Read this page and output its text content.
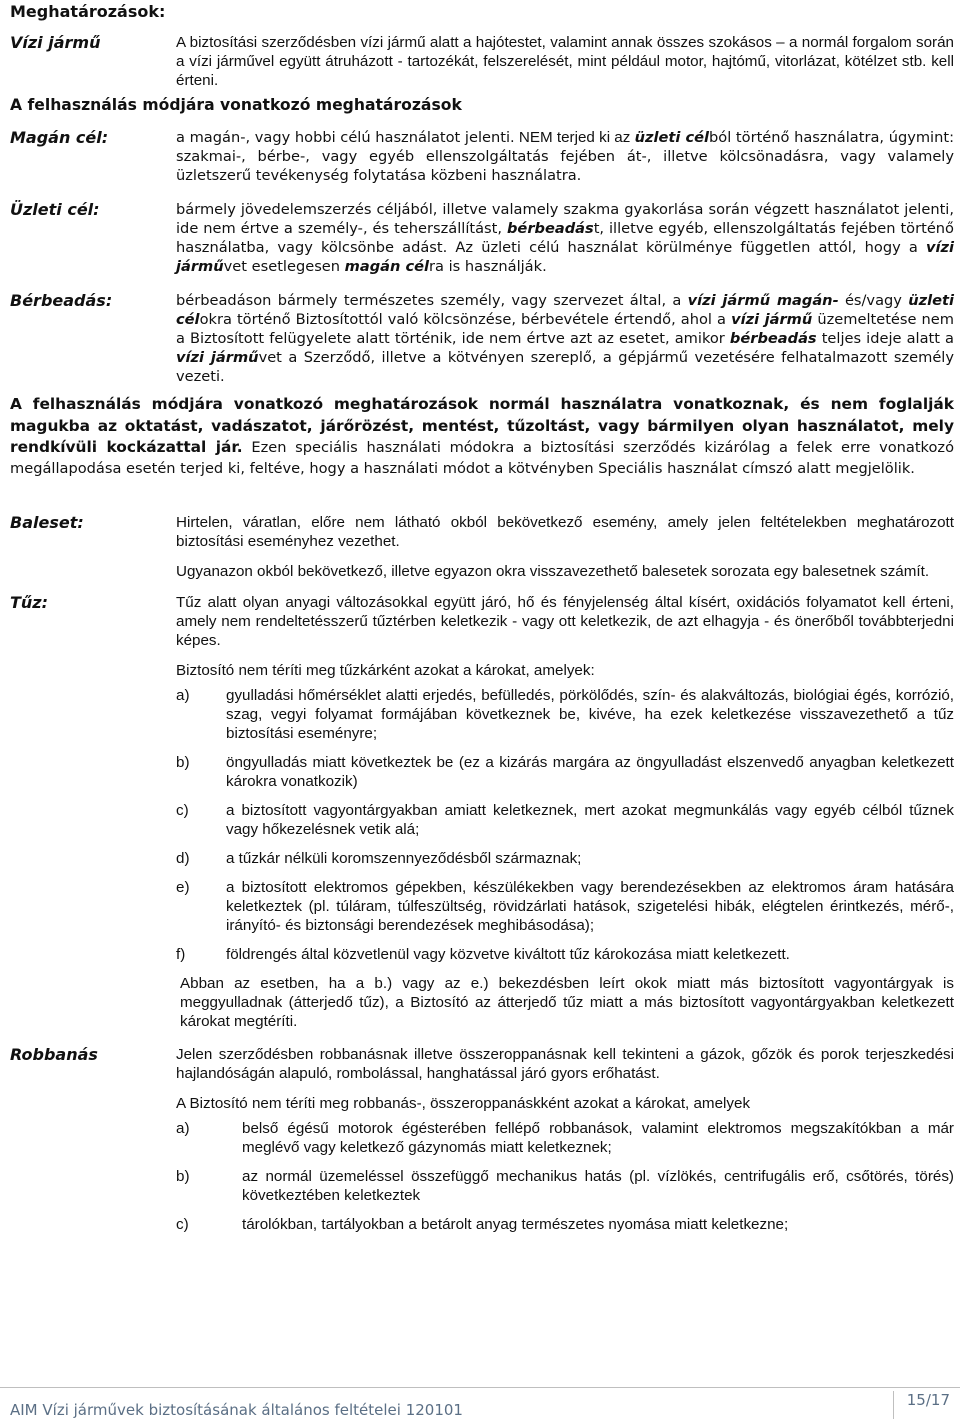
Meghatározások:
Vízi jármű	A biztosítási szerződésben vízi jármű alatt a hajótestet, valamint annak összes szokásos – a normál forgalom során a vízi járművel együtt átruházott - tartozékát, felszerelését, mint például motor, hajtómű, vitorlázat, kötélzet stb. kell érteni.
A felhasználás módjára vonatkozó meghatározások
Magán cél:	a magán-, vagy hobbi célú használatot jelenti. NEM terjed ki az üzleti célból történő használatra, úgymint: szakmai-, bérbe-, vagy egyéb ellenszolgáltatás fejében át-, illetve kölcsönadásra, vagy valamely üzletszerű tevékenység folytatása közbeni használatra.
Üzleti cél:	bármely jövedelemszerzés céljából, illetve valamely szakma gyakorlása során végzett használatot jelenti, ide nem értve a személy-, és teherszállítást, bérbeadást, illetve egyéb, ellenszolgáltatás fejében történő használatba, vagy kölcsönbe adást. Az üzleti célú használat körülménye független attól, hogy a vízi járművet esetlegesen magán célra is használják.
Bérbeadás:	bérbeadáson bármely természetes személy, vagy szervezet által, a vízi jármű magán- és/vagy üzleti célokra történő Biztosítottól való kölcsönzése, bérbevétele értendő, ahol a vízi jármű üzemeltetése nem a Biztosított felügyelete alatt történik, ide nem értve azt az esetet, amikor bérbeadás teljes ideje alatt a vízi járművet a Szerződő, illetve a kötvényen szereplő, a gépjármű vezetésére felhatalmazott személy vezeti.
A felhasználás módjára vonatkozó meghatározások normál használatra vonatkoznak, és nem foglalják magukba az oktatást, vadászatot, járőrözést, mentést, tűzoltást, vagy bármilyen olyan használatot, mely rendkívüli kockázattal jár. Ezen speciális használati módokra a biztosítási szerződés kizárólag a felek erre vonatkozó megállapodása esetén terjed ki, feltéve, hogy a használati módot a kötvényben Speciális használat címszó alatt megjelölik.
Baleset:	Hirtelen, váratlan, előre nem látható okból bekövetkező esemény, amely jelen feltételekben meghatározott biztosítási eseményhez vezethet.

Ugyanazon okból bekövetkező, illetve egyazon okra visszavezethető balesetek sorozata egy balesetnek számít.

Tűz:	Tűz alatt olyan anyagi változásokkal együtt járó, hő és fényjelenség által kísért, oxidációs folyamatot kell érteni, amely nem rendeltetésszerű tűztérben keletkezik - vagy ott keletkezik, de azt elhagyja - és önerőből továbbterjedni képes.

Biztosító nem téríti meg tűzkárként azokat a károkat, amelyek:

a)	gyulladási hőmérséklet alatti erjedés, befülledés, pörkölődés, szín- és alakváltozás, biológiai égés, korrózió, szag, vegyi folyamat formájában következnek be, kivéve, ha ezek keletkezése visszavezethető a tűz biztosítási eseményre;
b)	öngyulladás miatt következtek be (ez a kizárás margára az öngyulladást elszenvedő anyagban keletkezett károkra vonatkozik)
c)	a biztosított vagyontárgyakban amiatt keletkeznek, mert azokat megmunkálás vagy egyéb célból tűznek vagy hőkezelésnek vetik alá;
d)	a tűzkár nélküli koromszennyeződésből származnak;
e)	a biztosított elektromos gépekben, készülékekben vagy berendezésekben az elektromos áram hatására keletkeztek (pl. túláram, túlfeszültség, rövidzárlati hatások, szigetelési hibák, elégtelen érintkezés, mérő-, irányító- és biztonsági berendezések meghibásodása);
f)	földrengés által közvetlenül vagy közvetve kiváltott tűz károkozása miatt keletkezett.

Abban az esetben, ha a b.) vagy az e.) bekezdésben leírt okok miatt más biztosított vagyontárgyak is meggyulladnak (átterjedő tűz), a Biztosító az átterjedő tűz miatt a más biztosított vagyontárgyakban keletkezett károkat megtéríti.

Robbanás	Jelen szerződésben robbanásnak illetve összeroppanásnak kell tekinteni a gázok, gőzök és porok terjeszkedési hajlandóságán alapuló, rombolással, hanghatással járó gyors erőhatást.

A Biztosító nem téríti meg robbanás-, összeroppanáskként azokat a károkat, amelyek

a)	belső égésű motorok égésterében fellépő robbanások, valamint elektromos megszakítókban a már meglévő vagy keletkező gázynomás miatt keletkeznek;
b)	az normál üzemeléssel összefüggő mechanikus hatás (pl. vízlökés, centrifugális erő, csőtörés, törés) következtében keletkeztek
c)	tárolókban, tartályokban a betárolt anyag természetes nyomása miatt keletkezne;
AIM Vízi járművek biztosításának általános feltételei 120101
15/17
